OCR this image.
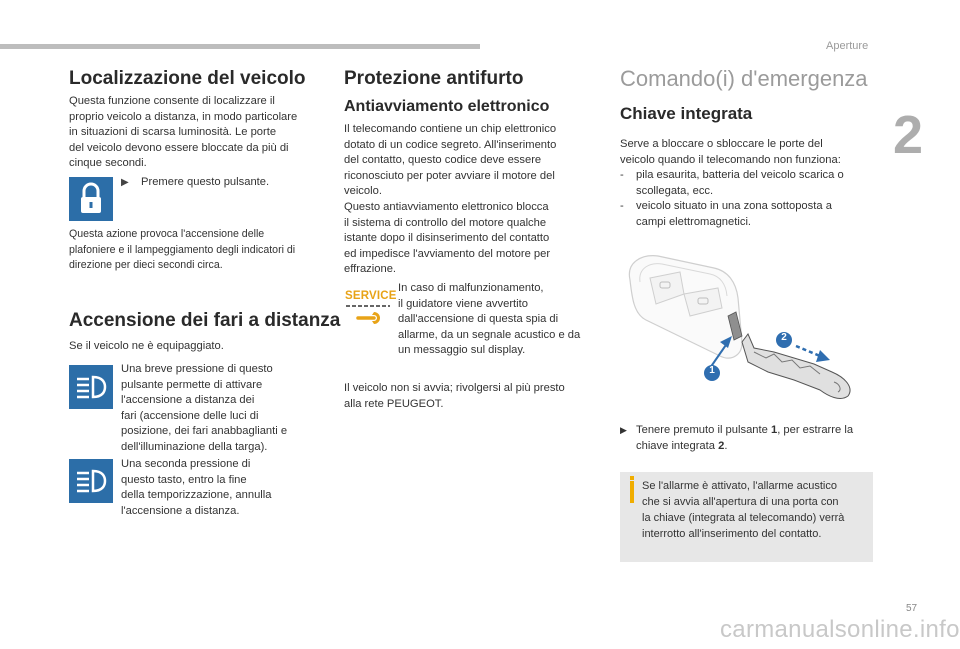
Aperture
2
57
carmanualsonline.info
Localizzazione del veicolo
Questa funzione consente di localizzare il
proprio veicolo a distanza, in modo particolare
in situazioni di scarsa luminosità. Le porte
del veicolo devono essere bloccate da più di
cinque secondi.
▶ Premere questo pulsante.
Questa azione provoca l'accensione delle
plafoniere e il lampeggiamento degli indicatori di
direzione per dieci secondi circa.
Accensione dei fari a distanza
Se il veicolo ne è equipaggiato.
Una breve pressione di questo
pulsante permette di attivare
l'accensione a distanza dei
fari (accensione delle luci di
posizione, dei fari anabbaglianti e
dell'illuminazione della targa).
Una seconda pressione di
questo tasto, entro la fine
della temporizzazione, annulla
l'accensione a distanza.
Protezione antifurto
Antiavviamento elettronico
Il telecomando contiene un chip elettronico
dotato di un codice segreto. All'inserimento
del contatto, questo codice deve essere
riconosciuto per poter avviare il motore del
veicolo.
Questo antiavviamento elettronico blocca
il sistema di controllo del motore qualche
istante dopo il disinserimento del contatto
ed impedisce l'avviamento del motore per
effrazione.
SERVICE
In caso di malfunzionamento,
il guidatore viene avvertito
dall'accensione di questa spia di
allarme, da un segnale acustico e da
un messaggio sul display.
Il veicolo non si avvia; rivolgersi al più presto
alla rete PEUGEOT.
Comando(i) d'emergenza
Chiave integrata
Serve a bloccare o sbloccare le porte del
veicolo quando il telecomando non funziona:
- pila esaurita, batteria del veicolo scarica o
scollegata, ecc.
- veicolo situato in una zona sottoposta a
campi elettromagnetici.
1
2
▶ Tenere premuto il pulsante 1, per estrarre la
chiave integrata 2.
Se l'allarme è attivato, l'allarme acustico
che si avvia all'apertura di una porta con
la chiave (integrata al telecomando) verrà
interrotto all'inserimento del contatto.
